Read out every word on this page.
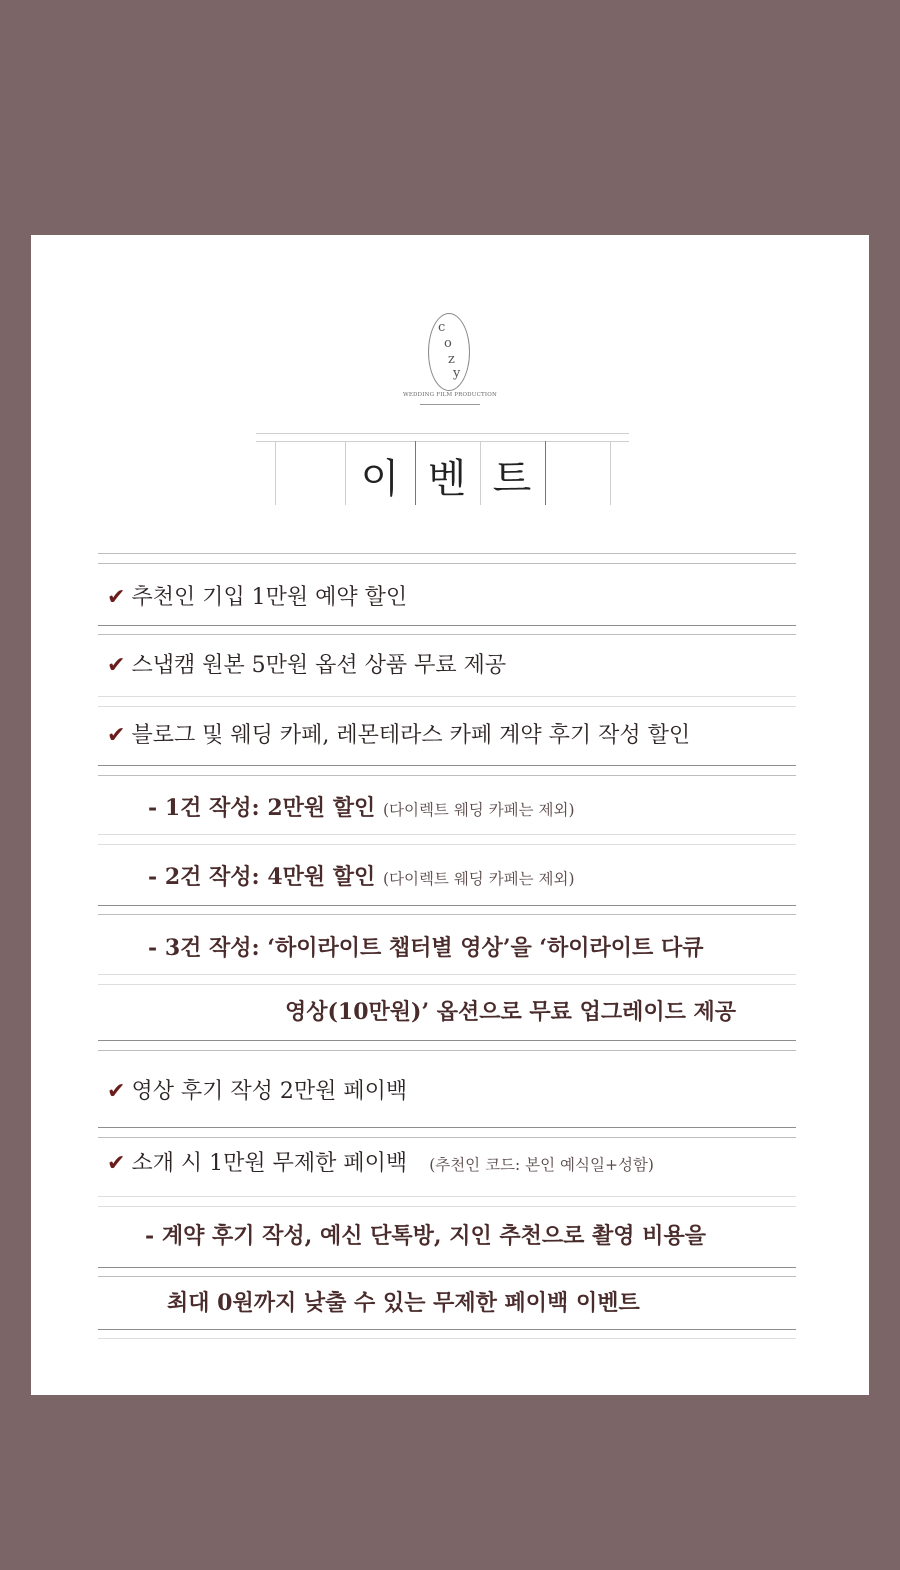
c
o
z
y
WEDDING FILM PRODUCTION
이 벤 트
✔ 추천인 기입 1만원 예약 할인
✔ 스냅캠 원본 5만원 옵션 상품 무료 제공
✔ 블로그 및 웨딩 카페, 레몬테라스 카페 계약 후기 작성 할인
- 1건 작성: 2만원 할인 (다이렉트 웨딩 카페는 제외)
- 2건 작성: 4만원 할인 (다이렉트 웨딩 카페는 제외)
- 3건 작성: ‘하이라이트 챕터별 영상’을 ‘하이라이트 다큐
영상(10만원)’ 옵션으로 무료 업그레이드 제공
✔ 영상 후기 작성 2만원 페이백
✔ 소개 시 1만원 무제한 페이백 (추천인 코드: 본인 예식일+성함)
- 계약 후기 작성, 예신 단톡방, 지인 추천으로 촬영 비용을
최대 0원까지 낮출 수 있는 무제한 페이백 이벤트
